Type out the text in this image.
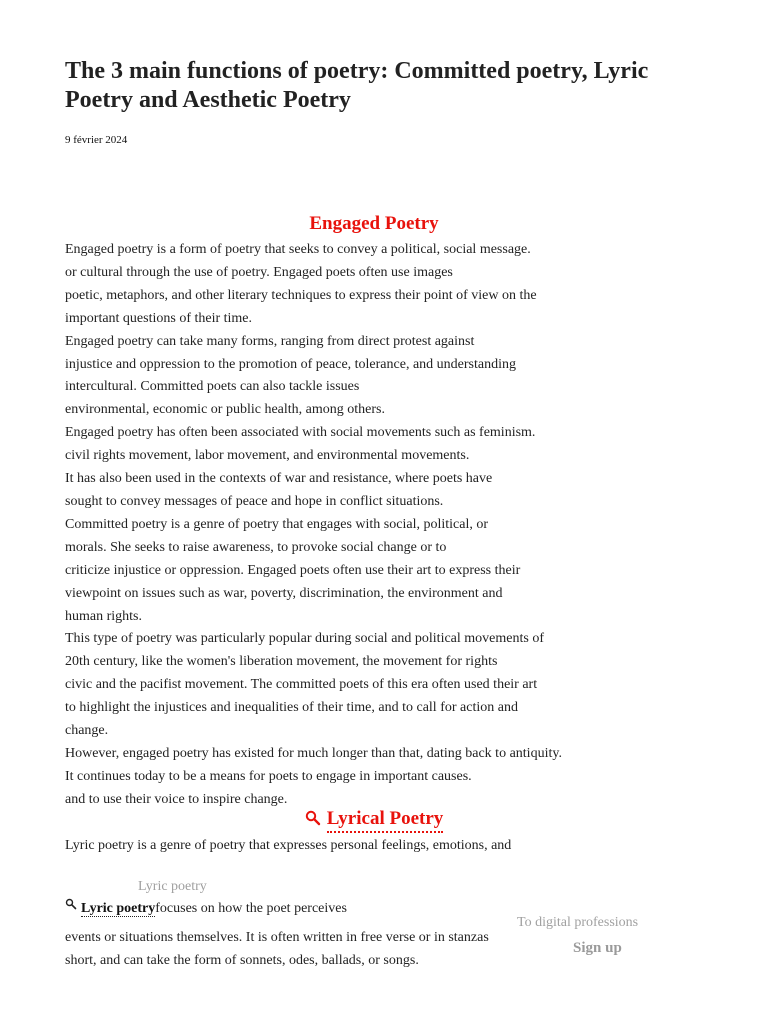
The 3 main functions of poetry: Committed poetry, Lyric Poetry and Aesthetic Poetry
9 février 2024
Engaged Poetry
Engaged poetry is a form of poetry that seeks to convey a political, social message.
or cultural through the use of poetry. Engaged poets often use images
poetic, metaphors, and other literary techniques to express their point of view on the
important questions of their time.
Engaged poetry can take many forms, ranging from direct protest against
injustice and oppression to the promotion of peace, tolerance, and understanding
intercultural. Committed poets can also tackle issues
environmental, economic or public health, among others.
Engaged poetry has often been associated with social movements such as feminism.
civil rights movement, labor movement, and environmental movements.
It has also been used in the contexts of war and resistance, where poets have
sought to convey messages of peace and hope in conflict situations.
Committed poetry is a genre of poetry that engages with social, political, or
morals. She seeks to raise awareness, to provoke social change or to
criticize injustice or oppression. Engaged poets often use their art to express their
viewpoint on issues such as war, poverty, discrimination, the environment and
human rights.
This type of poetry was particularly popular during social and political movements of
20th century, like the women's liberation movement, the movement for rights
civic and the pacifist movement. The committed poets of this era often used their art
to highlight the injustices and inequalities of their time, and to call for action and
change.
However, engaged poetry has existed for much longer than that, dating back to antiquity.
It continues today to be a means for poets to engage in important causes.
and to use their voice to inspire change.
Lyrical Poetry
Lyric poetry is a genre of poetry that expresses personal feelings, emotions, and
Lyric poetry
Lyric poetryfocuses on how the poet perceives
events or situations themselves. It is often written in free verse or in stanzas
short, and can take the form of sonnets, odes, ballads, or songs.
To digital professions
Sign up
